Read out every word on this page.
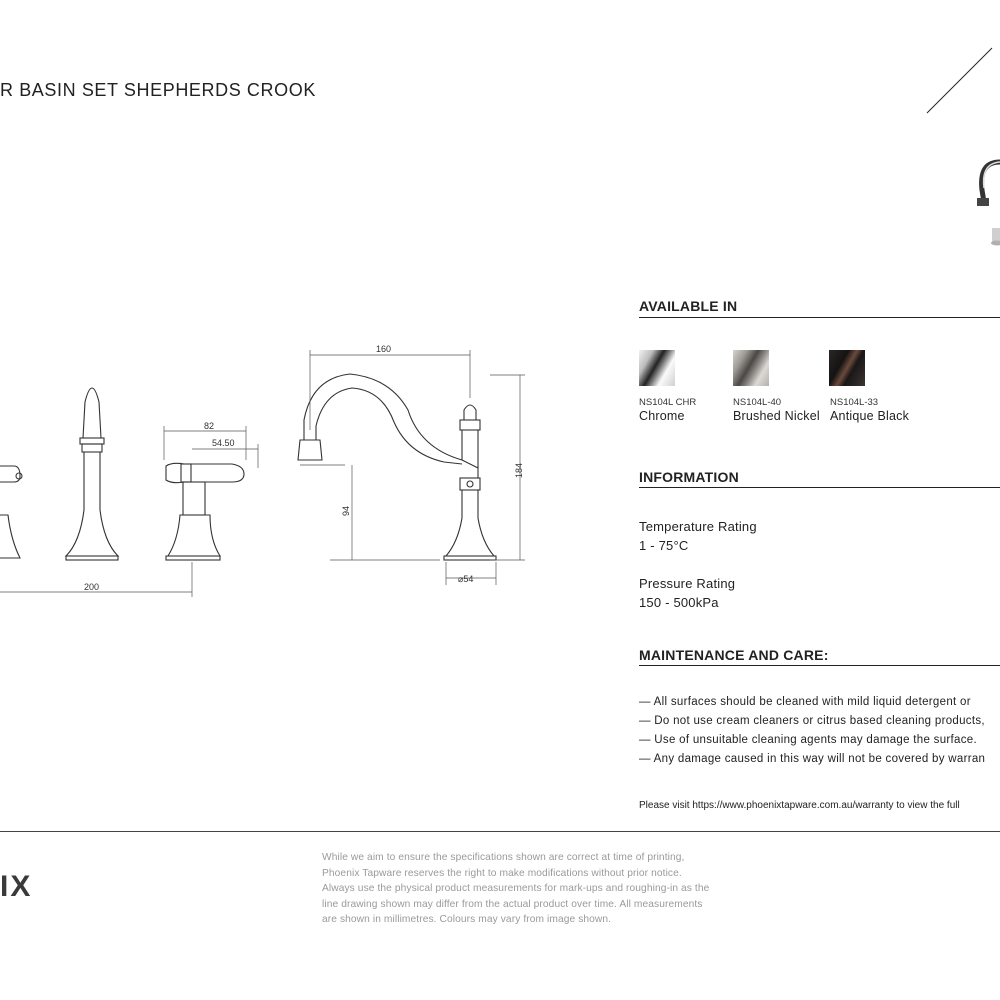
R BASIN SET SHEPHERDS CROOK
160
184
94
⌀54
82
54.50
200
AVAILABLE IN
NS104L CHR
Chrome
NS104L-40
Brushed Nickel
NS104L-33
Antique Black
INFORMATION
Temperature Rating
1 - 75°C
Pressure Rating
150 - 500kPa
MAINTENANCE AND CARE:
— All surfaces should be cleaned with mild liquid detergent or
— Do not use cream cleaners or citrus based cleaning products,
— Use of unsuitable cleaning agents may damage the surface.
— Any damage caused in this way will not be covered by warran
Please visit https://www.phoenixtapware.com.au/warranty to view the full
IX
While we aim to ensure the specifications shown are correct at time of printing,
Phoenix Tapware reserves the right to make modifications without prior notice.
Always use the physical product measurements for mark-ups and roughing-in as the
line drawing shown may differ from the actual product over time. All measurements
are shown in millimetres. Colours may vary from image shown.
